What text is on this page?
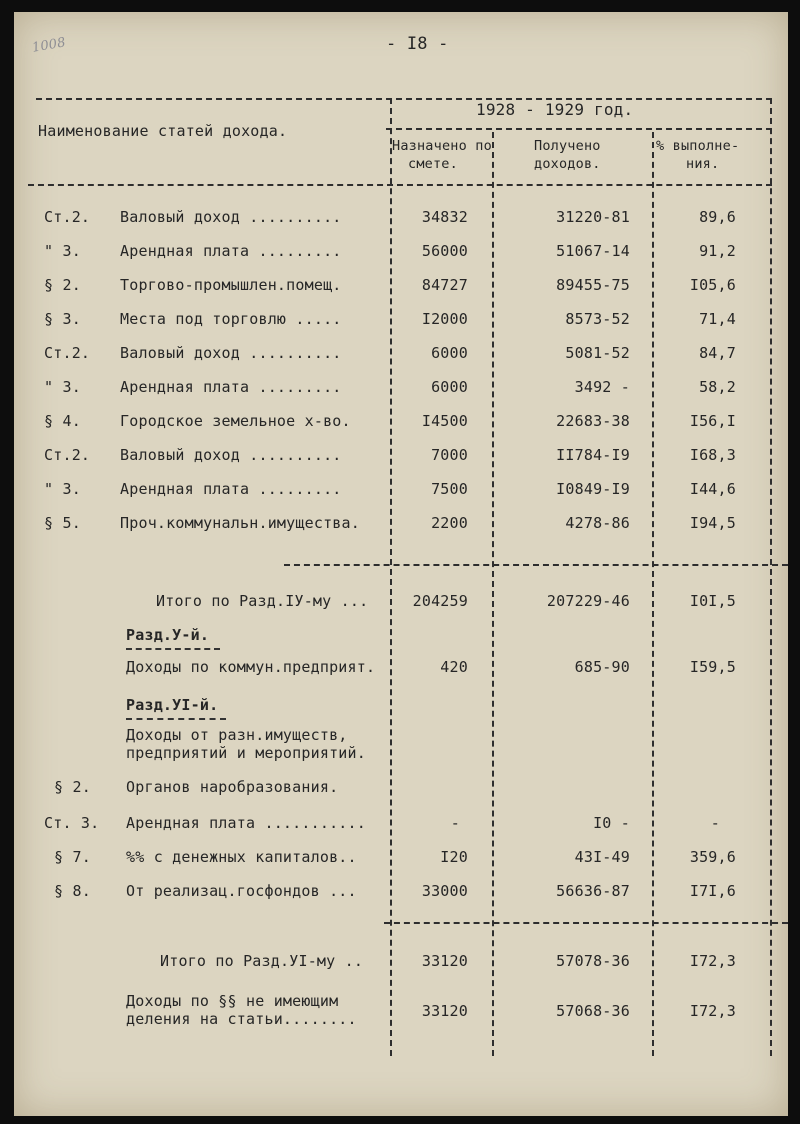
1008	- I8 -
Наименование статей дохода.
1928 - 1929 год.
Назначено по
смете.
Получено
доходов.
% выполне-
ния.
Ст.2. Валовый доход ..........	34832	31220-81	89,6
" 3.	Арендная плата .........	56000	51067-14	91,2
§ 2.	Торгово-промышлен.помещ.	84727	89455-75	I05,6
§ 3.	Места под торговлю .....	I2000	8573-52	71,4
Ст.2. Валовый доход ..........	6000	5081-52	84,7
" 3.	Арендная плата .........	6000	3492 -	58,2
§ 4.	Городское земельное х-во.	I4500	22683-38	I56,I
Ст.2. Валовый доход ..........	7000	II784-I9	I68,3
" 3.	Арендная плата .........	7500	I0849-I9	I44,6
§ 5.	Проч.коммунальн.имущества.	2200	4278-86	I94,5
Итого по Разд.IУ-му ...	204259	207229-46	I0I,5
Разд.У-й.
Доходы по коммун.предприят.	420	685-90	I59,5
Разд.УI-й.
Доходы от разн.имуществ,
предприятий и мероприятий.
§ 2. Органов наробразования.
Ст. 3. Арендная плата ...........	-	I0 -	-
§ 7. %% с денежных капиталов..	I20	43I-49	359,6
§ 8. От реализац.госфондов ...	33000	56636-87	I7I,6
Итого по Разд.УI-му ..	33120	57078-36	I72,3
Доходы по §§ не имеющим
деления на статьи........	33120	57068-36	I72,3
